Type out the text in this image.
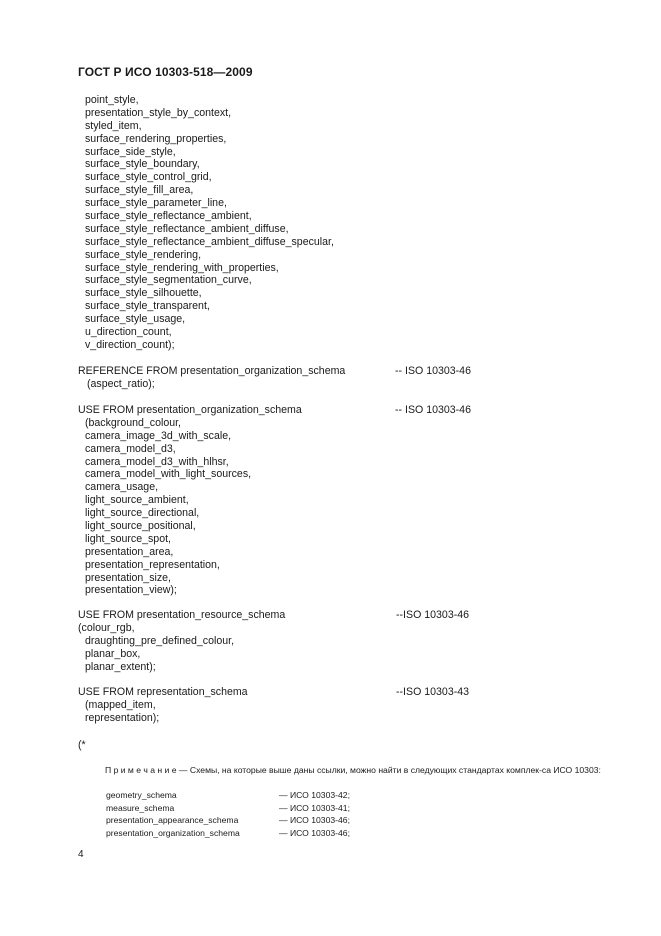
ГОСТ Р ИСО 10303-518—2009
point_style,
presentation_style_by_context,
styled_item,
surface_rendering_properties,
surface_side_style,
surface_style_boundary,
surface_style_control_grid,
surface_style_fill_area,
surface_style_parameter_line,
surface_style_reflectance_ambient,
surface_style_reflectance_ambient_diffuse,
surface_style_reflectance_ambient_diffuse_specular,
surface_style_rendering,
surface_style_rendering_with_properties,
surface_style_segmentation_curve,
surface_style_silhouette,
surface_style_transparent,
surface_style_usage,
u_direction_count,
v_direction_count);
REFERENCE FROM presentation_organization_schema	-- ISO 10303-46
(aspect_ratio);
USE FROM presentation_organization_schema	-- ISO 10303-46
(background_colour,
camera_image_3d_with_scale,
camera_model_d3,
camera_model_d3_with_hlhsr,
camera_model_with_light_sources,
camera_usage,
light_source_ambient,
light_source_directional,
light_source_positional,
light_source_spot,
presentation_area,
presentation_representation,
presentation_size,
presentation_view);
USE FROM presentation_resource_schema	--ISO 10303-46
(colour_rgb,
draughting_pre_defined_colour,
planar_box,
planar_extent);
USE FROM representation_schema	--ISO 10303-43
(mapped_item,
representation);
(*
П р и м е ч а н и е — Схемы, на которые выше даны ссылки, можно найти в следующих стандартах комплек-са ИСО 10303:
geometry_schema	— ИСО 10303-42;
measure_schema	— ИСО 10303-41;
presentation_appearance_schema	— ИСО 10303-46;
presentation_organization_schema	— ИСО 10303-46;
4
